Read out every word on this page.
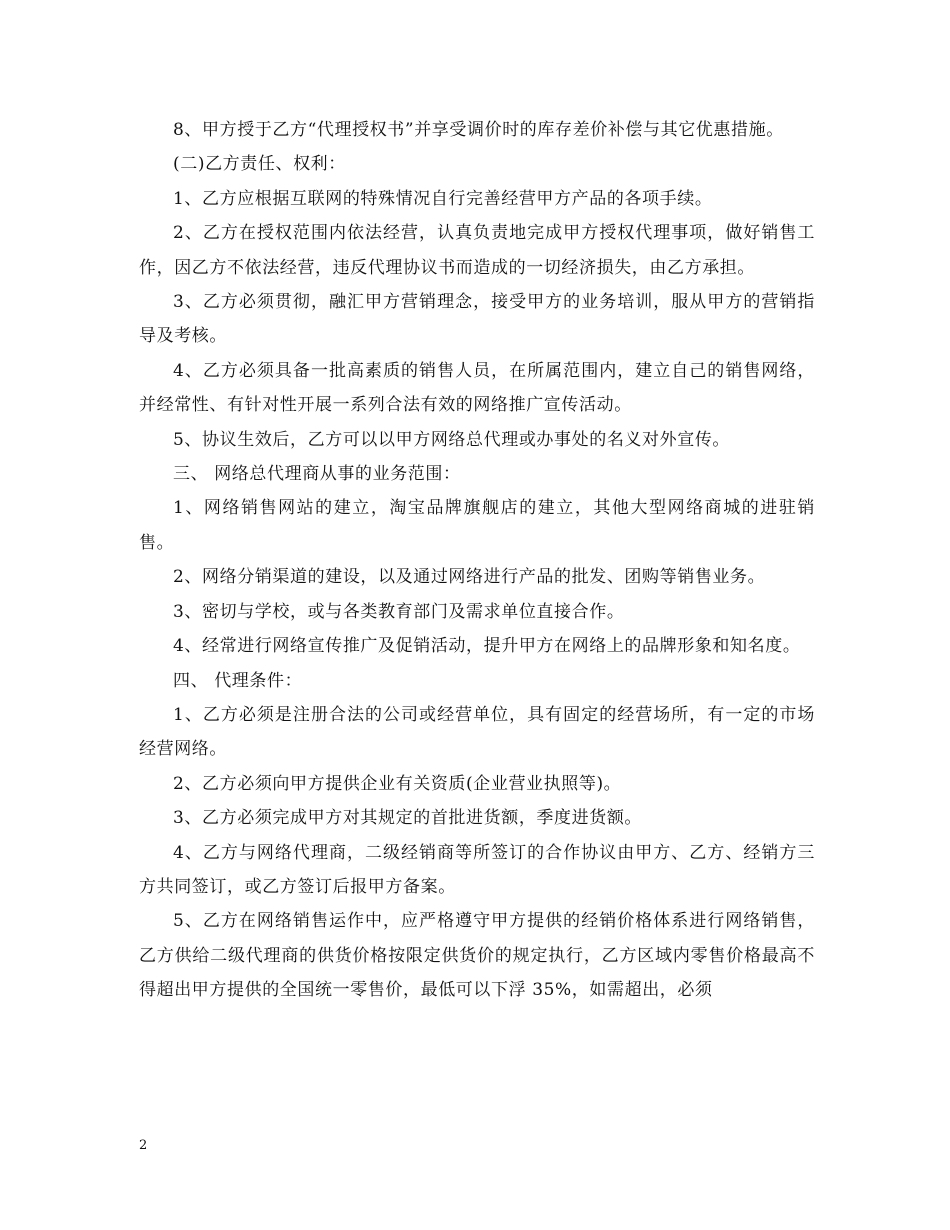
8、甲方授于乙方“代理授权书”并享受调价时的库存差价补偿与其它优惠措施。

(二)乙方责任、权利：

1、乙方应根据互联网的特殊情况自行完善经营甲方产品的各项手续。

2、乙方在授权范围内依法经营，认真负责地完成甲方授权代理事项，做好销售工作，因乙方不依法经营，违反代理协议书而造成的一切经济损失，由乙方承担。

3、乙方必须贯彻，融汇甲方营销理念，接受甲方的业务培训，服从甲方的营销指导及考核。

4、乙方必须具备一批高素质的销售人员，在所属范围内，建立自己的销售网络，并经常性、有针对性开展一系列合法有效的网络推广宣传活动。

5、协议生效后，乙方可以以甲方网络总代理或办事处的名义对外宣传。

三、 网络总代理商从事的业务范围：

1、网络销售网站的建立，淘宝品牌旗舰店的建立，其他大型网络商城的进驻销售。

2、网络分销渠道的建设，以及通过网络进行产品的批发、团购等销售业务。

3、密切与学校，或与各类教育部门及需求单位直接合作。

4、经常进行网络宣传推广及促销活动，提升甲方在网络上的品牌形象和知名度。

四、 代理条件：

1、乙方必须是注册合法的公司或经营单位，具有固定的经营场所，有一定的市场经营网络。

2、乙方必须向甲方提供企业有关资质(企业营业执照等)。

3、乙方必须完成甲方对其规定的首批进货额，季度进货额。

4、乙方与网络代理商，二级经销商等所签订的合作协议由甲方、乙方、经销方三方共同签订，或乙方签订后报甲方备案。

5、乙方在网络销售运作中，应严格遵守甲方提供的经销价格体系进行网络销售，乙方供给二级代理商的供货价格按限定供货价的规定执行，乙方区域内零售价格最高不得超出甲方提供的全国统一零售价，最低可以下浮 35%，如需超出，必须

2
